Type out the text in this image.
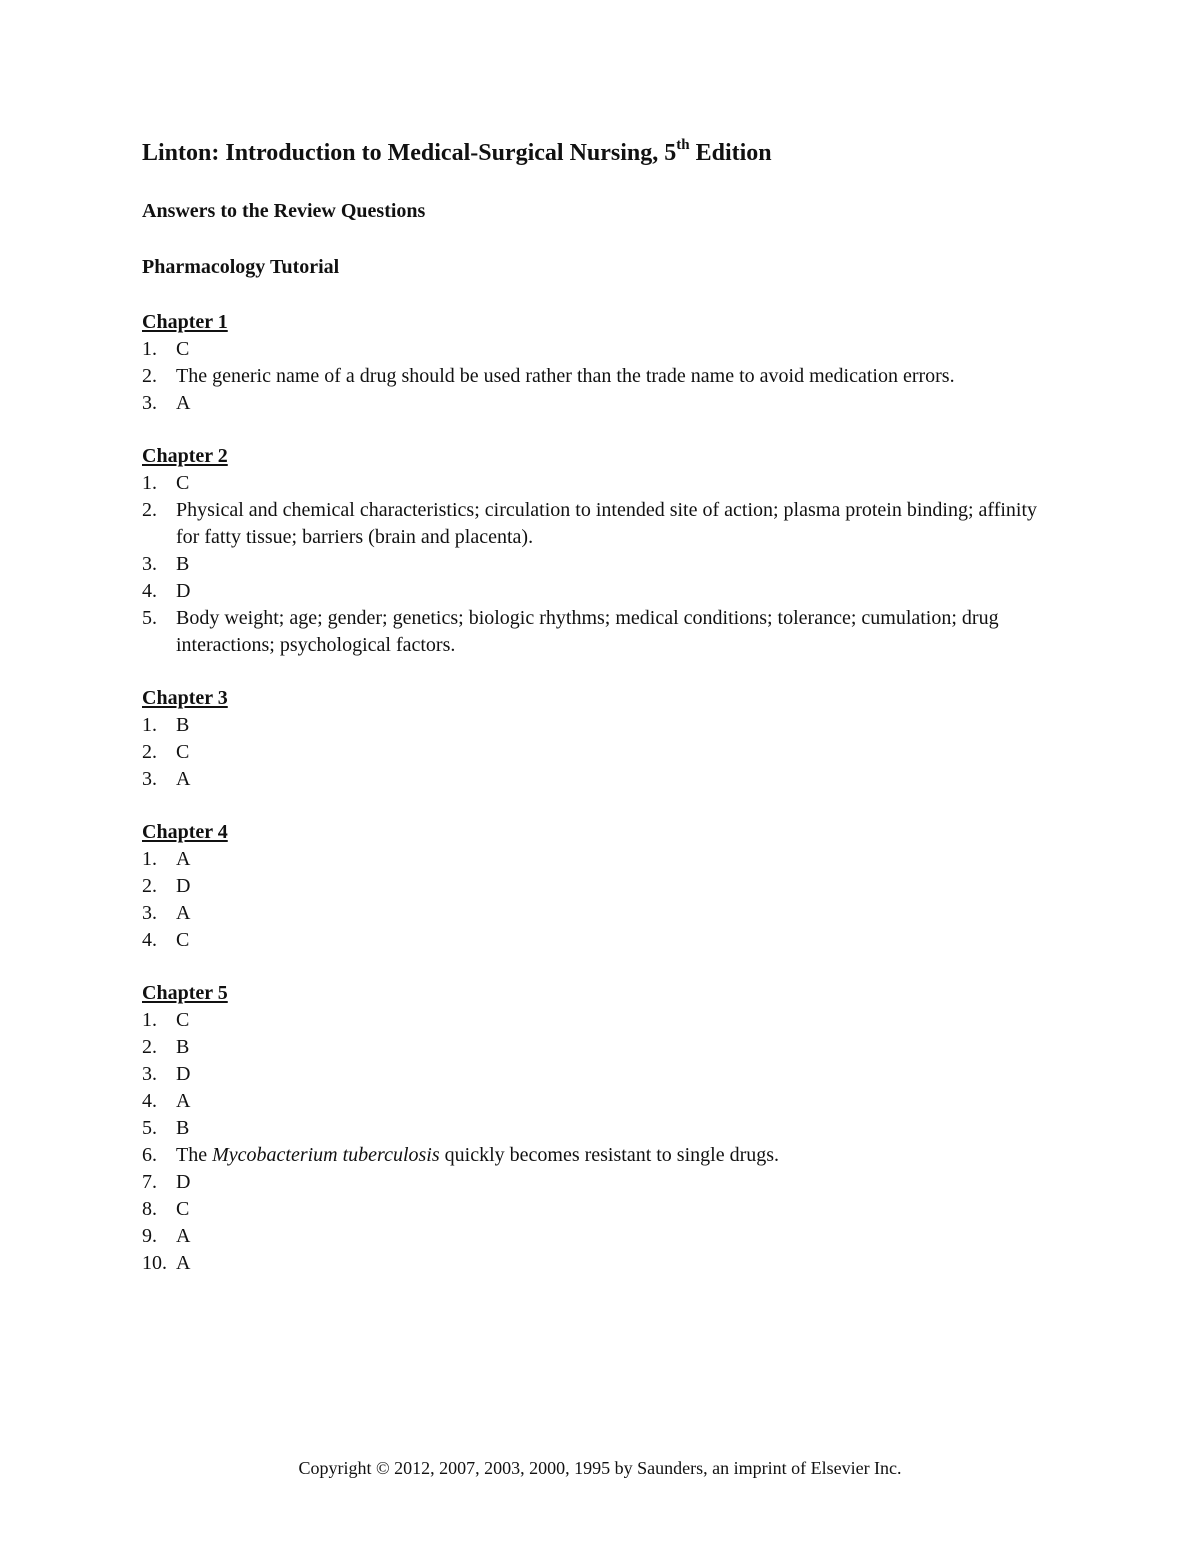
Linton: Introduction to Medical-Surgical Nursing, 5th Edition
Answers to the Review Questions
Pharmacology Tutorial
Chapter 1
1. C
2. The generic name of a drug should be used rather than the trade name to avoid medication errors.
3. A
Chapter 2
1. C
2. Physical and chemical characteristics; circulation to intended site of action; plasma protein binding; affinity for fatty tissue; barriers (brain and placenta).
3. B
4. D
5. Body weight; age; gender; genetics; biologic rhythms; medical conditions; tolerance; cumulation; drug interactions; psychological factors.
Chapter 3
1. B
2. C
3. A
Chapter 4
1. A
2. D
3. A
4. C
Chapter 5
1. C
2. B
3. D
4. A
5. B
6. The Mycobacterium tuberculosis quickly becomes resistant to single drugs.
7. D
8. C
9. A
10. A
Copyright © 2012, 2007, 2003, 2000, 1995 by Saunders, an imprint of Elsevier Inc.
